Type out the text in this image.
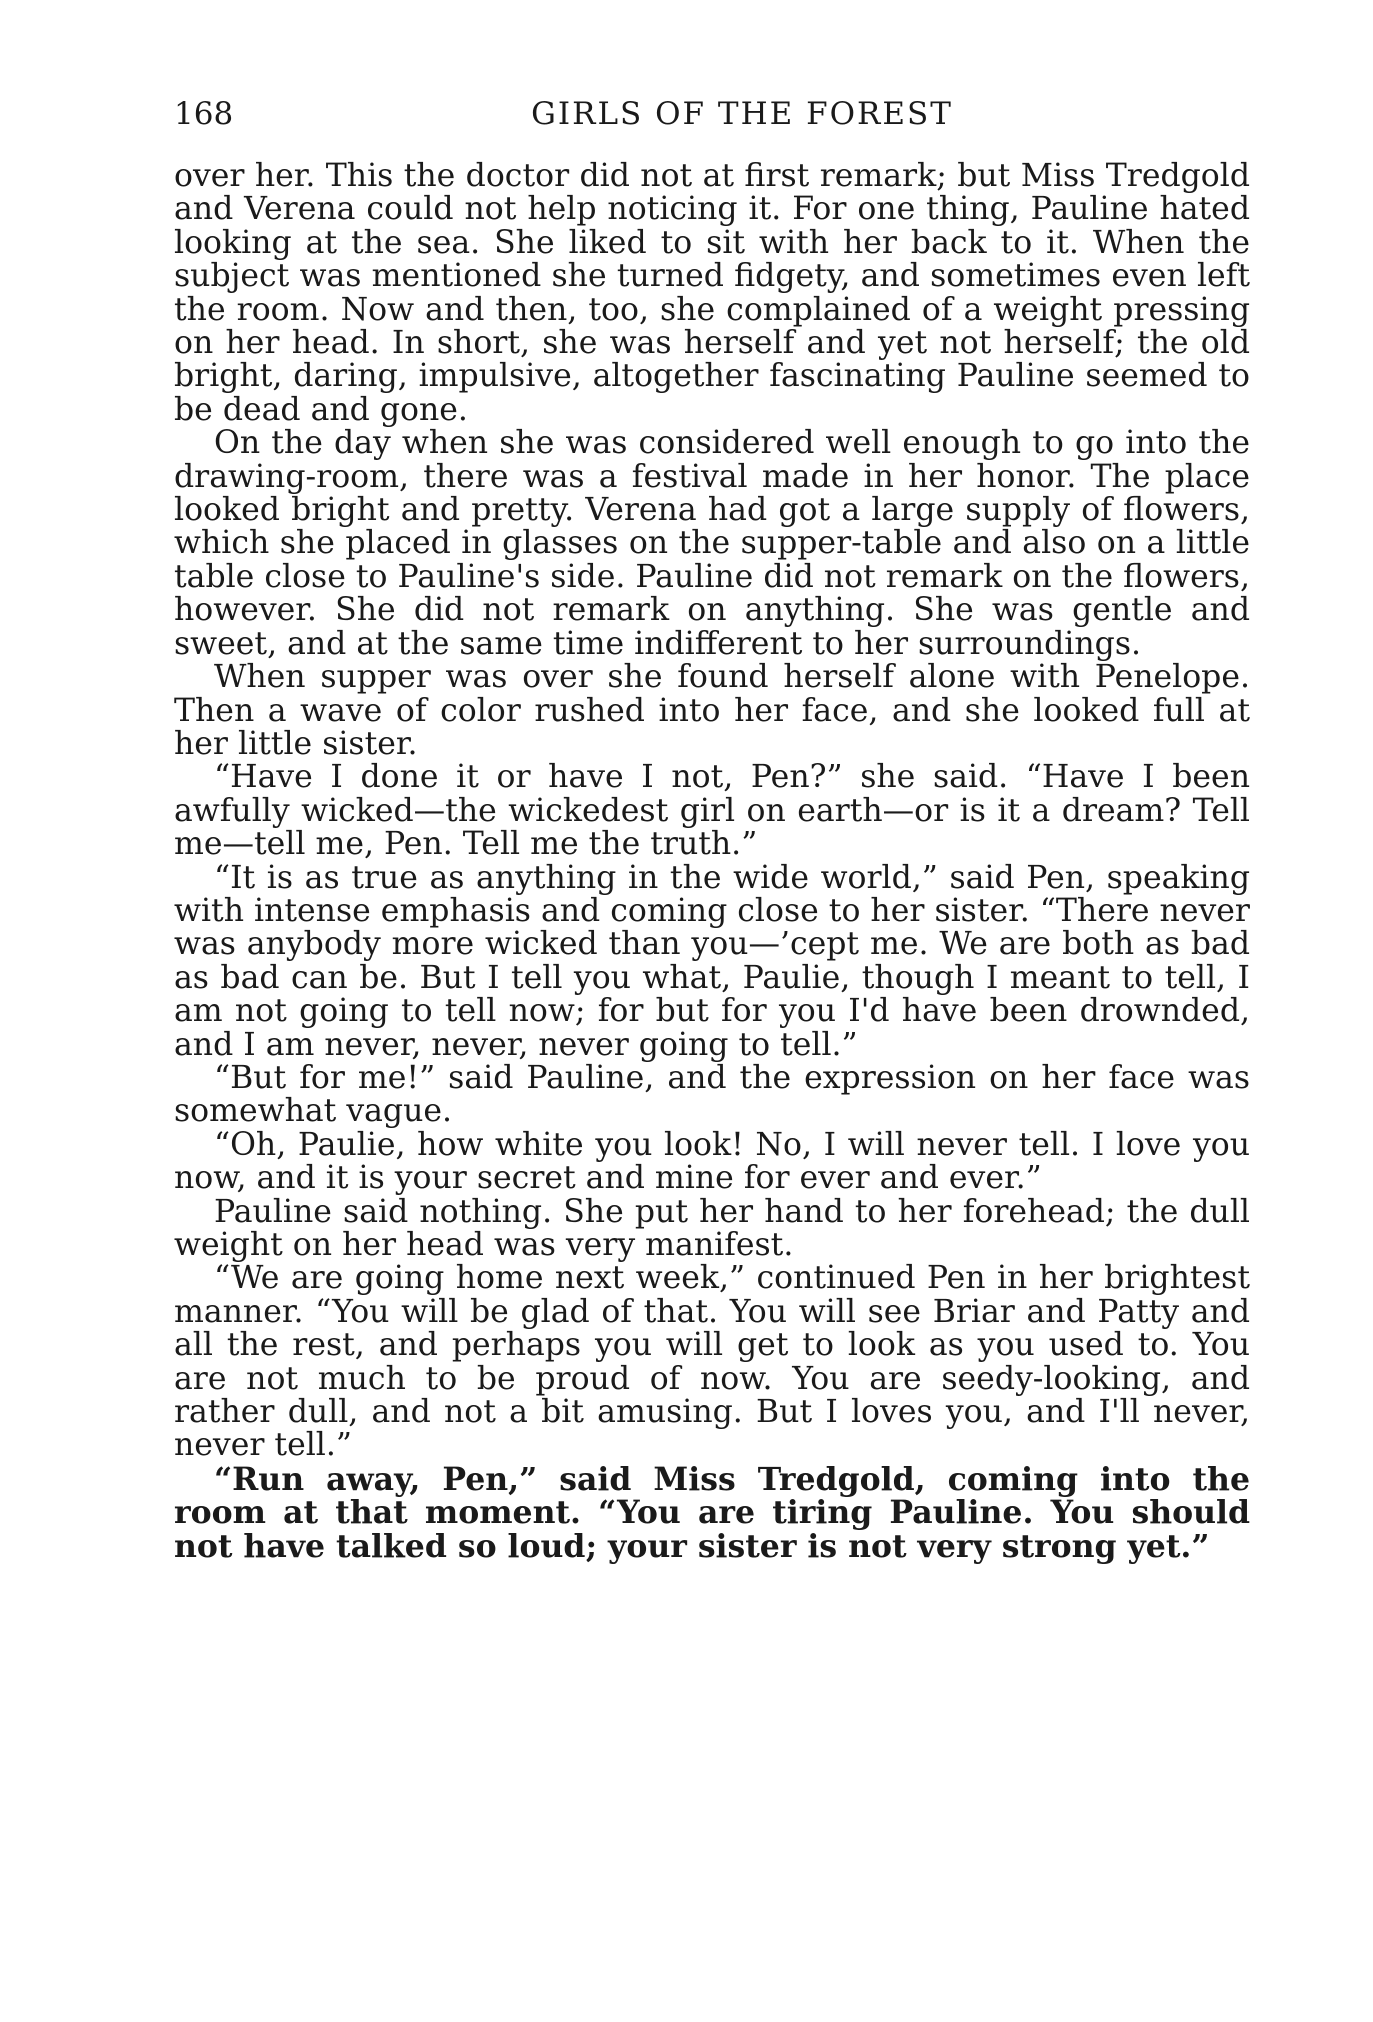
168	GIRLS OF THE FOREST

over her. This the doctor did not at first remark; but Miss Tredgold and Verena could not help noticing it. For one thing, Pauline hated looking at the sea. She liked to sit with her back to it. When the subject was mentioned she turned fidgety, and sometimes even left the room. Now and then, too, she complained of a weight pressing on her head. In short, she was herself and yet not herself; the old bright, daring, impulsive, altogether fascinating Pauline seemed to be dead and gone.

On the day when she was considered well enough to go into the drawing-room, there was a festival made in her honor. The place looked bright and pretty. Verena had got a large supply of flowers, which she placed in glasses on the supper-table and also on a little table close to Pauline's side. Pauline did not remark on the flowers, however. She did not remark on anything. She was gentle and sweet, and at the same time indifferent to her surroundings.

When supper was over she found herself alone with Penelope. Then a wave of color rushed into her face, and she looked full at her little sister.

“Have I done it or have I not, Pen?” she said. “Have I been awfully wicked—the wickedest girl on earth—or is it a dream? Tell me—tell me, Pen. Tell me the truth.”

“It is as true as anything in the wide world,” said Pen, speaking with intense emphasis and coming close to her sister. “There never was anybody more wicked than you—’cept me. We are both as bad as bad can be. But I tell you what, Paulie, though I meant to tell, I am not going to tell now; for but for you I'd have been drownded, and I am never, never, never going to tell.”

“But for me!” said Pauline, and the expression on her face was somewhat vague.

“Oh, Paulie, how white you look! No, I will never tell. I love you now, and it is your secret and mine for ever and ever.”

Pauline said nothing. She put her hand to her forehead; the dull weight on her head was very manifest.

“We are going home next week,” continued Pen in her brightest manner. “You will be glad of that. You will see Briar and Patty and all the rest, and perhaps you will get to look as you used to. You are not much to be proud of now. You are seedy-looking, and rather dull, and not a bit amusing. But I loves you, and I'll never, never tell.”

“Run away, Pen,” said Miss Tredgold, coming into the room at that moment. “You are tiring Pauline. You should not have talked so loud; your sister is not very strong yet.”
